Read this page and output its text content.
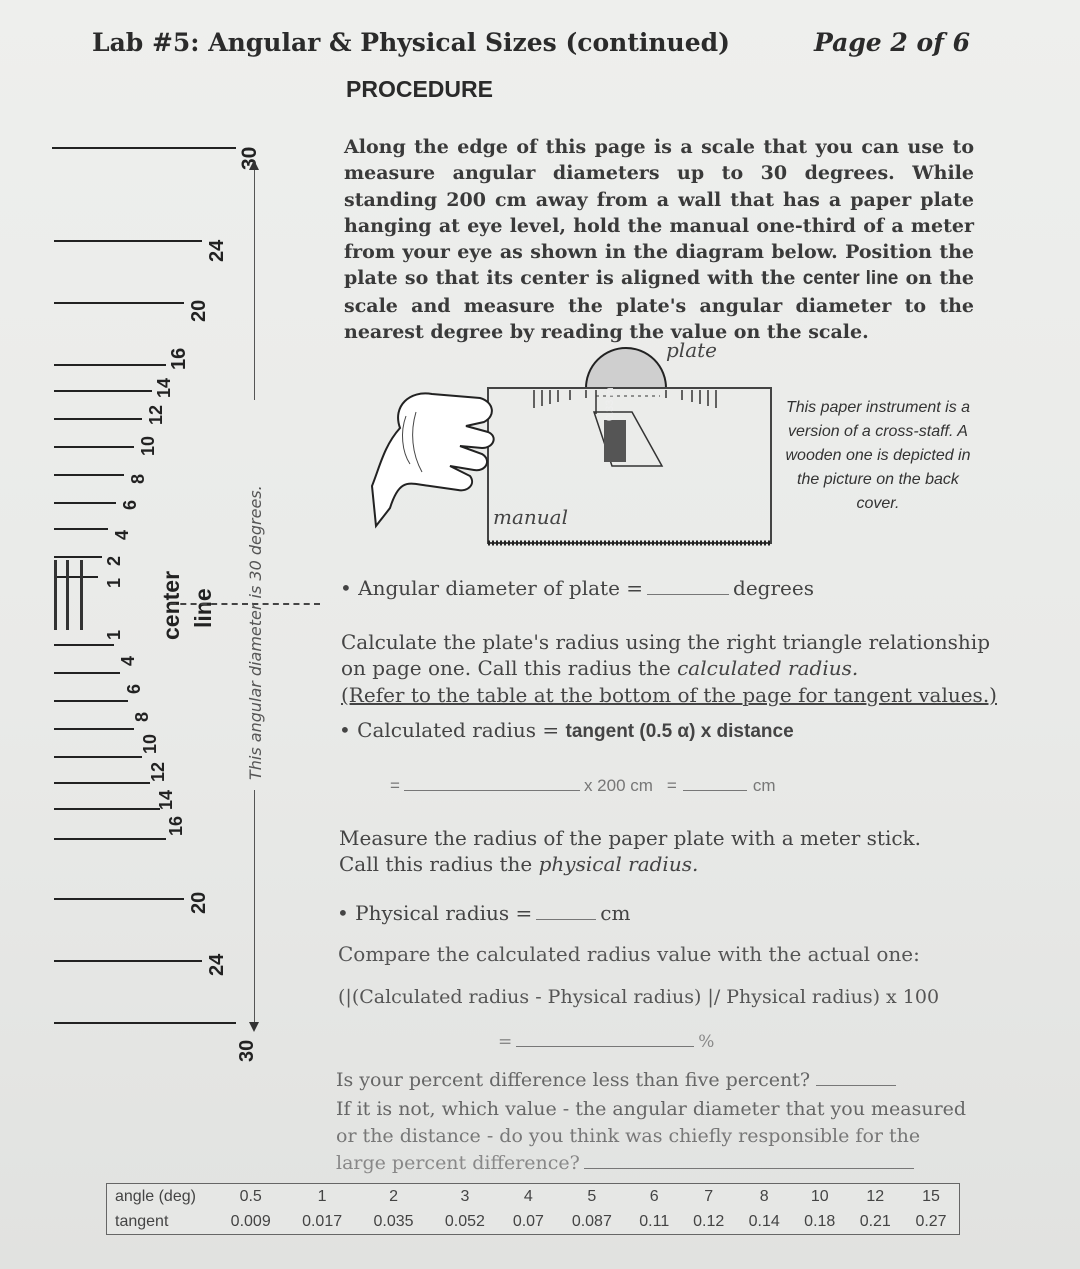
Lab #5: Angular & Physical Sizes (continued)	Page 2 of 6
PROCEDURE
Along the edge of this page is a scale that you can use to measure angular diameters up to 30 degrees. While standing 200 cm away from a wall that has a paper plate hanging at eye level, hold the manual one-third of a meter from your eye as shown in the diagram below. Position the plate so that its center is aligned with the center line on the scale and measure the plate's angular diameter to the nearest degree by reading the value on the scale.
30
24
20
16
14
12
10
8
6
4
2
1
1
4
6
8
10
12
14
16
20
24
30
center line This angular diameter is 30 degrees.
0.33 m
plate
manual
This paper instrument is a version of a cross-staff. A wooden one is depicted in the picture on the back cover.
• Angular diameter of plate =	degrees
Calculate the plate's radius using the right triangle relationship
on page one. Call this radius the calculated radius.
(Refer to the table at the bottom of the page for tangent values.)
• Calculated radius = tangent (0.5 α) x distance
=	x 200 cm =	cm
Measure the radius of the paper plate with a meter stick.
Call this radius the physical radius.
• Physical radius =	cm
Compare the calculated radius value with the actual one:
(|(Calculated radius - Physical radius) |/ Physical radius) x 100
=	%
Is your percent difference less than five percent?
If it is not, which value - the angular diameter that you measured
or the distance - do you think was chiefly responsible for the
large percent difference?
angle (deg)	0.5	1	2	3	4	5	6	7	8	10	12	15
tangent	0.009	0.017	0.035	0.052	0.07	0.087	0.11	0.12	0.14	0.18	0.21	0.27
